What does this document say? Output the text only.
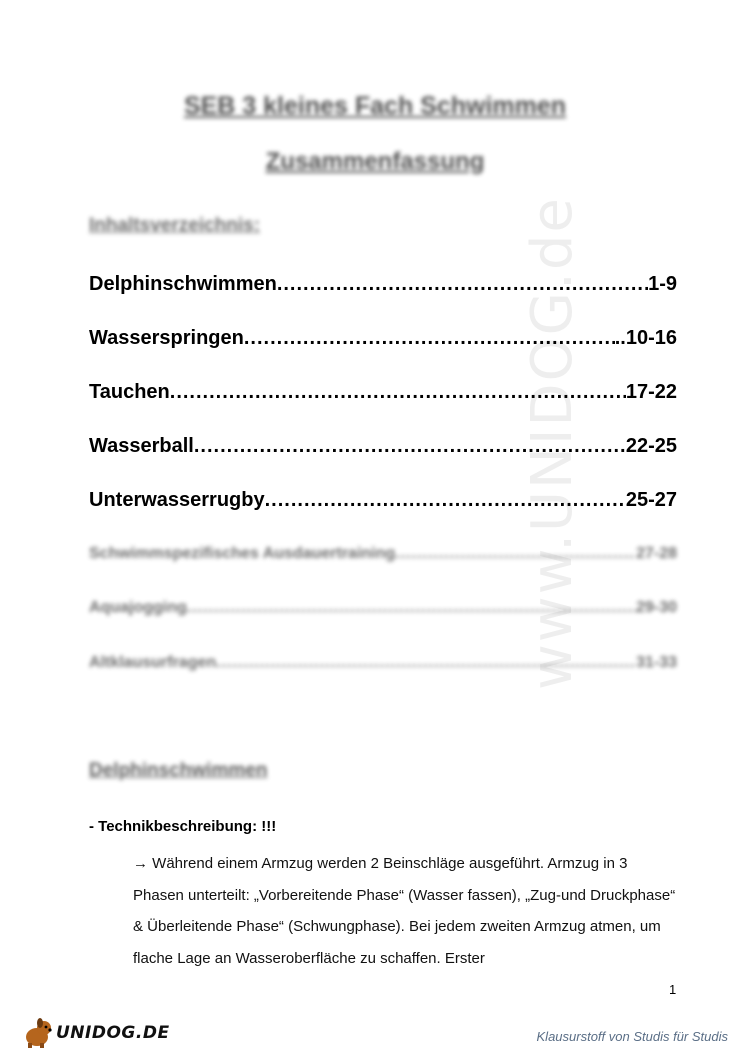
www.UNIDOG.de
SEB 3 kleines Fach Schwimmen
Zusammenfassung
Inhaltsverzeichnis:
Delphinschwimmen .....	1-9
Wasserspringen .....	..10-16
Tauchen .....	17-22
Wasserball .....	22-25
Unterwasserrugby .....	25-27
Schwimmspezifisches Ausdauertraining .....	27-28
Aquajogging .....	29-30
Altklausurfragen .....	31-33
Delphinschwimmen
- Technikbeschreibung: !!!
→ Während einem Armzug werden 2 Beinschläge ausgeführt. Armzug in 3 Phasen unterteilt: „Vorbereitende Phase“ (Wasser fassen), „Zug-und Druckphase“ & Überleitende Phase“ (Schwungphase). Bei jedem zweiten Armzug atmen, um flache Lage an Wasseroberfläche zu schaffen. Erster
1
UNIDOG.DE	Klausurstoff von Studis für Studis
